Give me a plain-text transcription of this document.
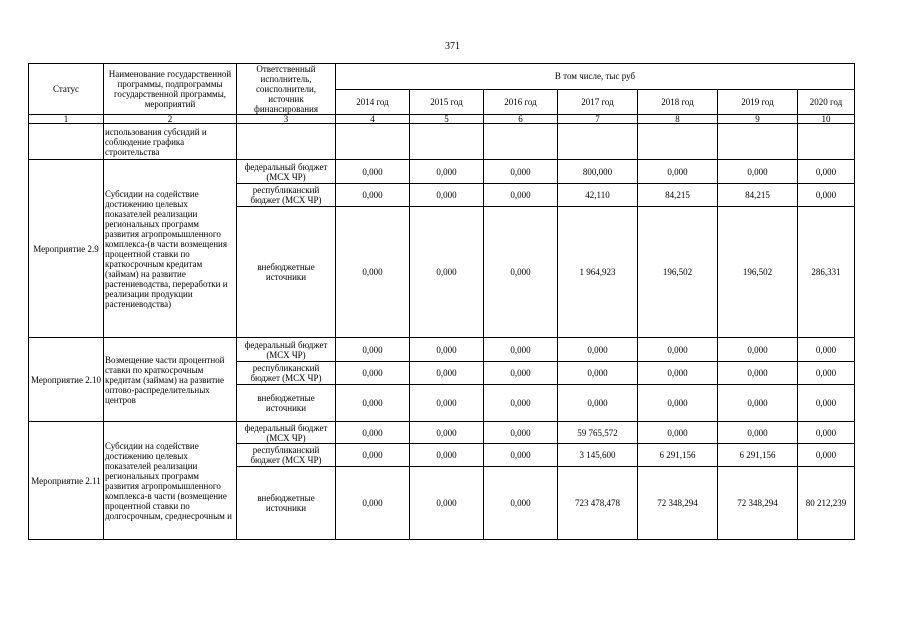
371
Статус	Наименование государственной программы, подпрограммы государственной программы, мероприятий	Ответственный исполнитель, соисполнители, источник финансирования	В том числе, тыс руб						
			2014 год	2015 год	2016 год	2017 год	2018 год	2019 год	2020 год
1	2	3	4	5	6	7	8	9	10
	использования субсидий и соблюдение графика строительства								
Мероприятие 2.9	Субсидии на содействие достижению целевых показателей реализации региональных программ развития агропромышленного комплекса-(в части возмещения процентной ставки по краткосрочным кредитам (займам) на развитие растениеводства, переработки и реализации продукции растениеводства)	федеральный бюджет (МСХ ЧР)	0,000	0,000	0,000	800,000	0,000	0,000	0,000
		республиканский бюджет (МСХ ЧР)	0,000	0,000	0,000	42,110	84,215	84,215	0,000
		внебюджетные источники	0,000	0,000	0,000	1 964,923	196,502	196,502	286,331
Мероприятие 2.10	Возмещение части процентной ставки по краткосрочным кредитам (займам) на развитие оптово-распределительных центров	федеральный бюджет (МСХ ЧР)	0,000	0,000	0,000	0,000	0,000	0,000	0,000
		республиканский бюджет (МСХ ЧР)	0,000	0,000	0,000	0,000	0,000	0,000	0,000
		внебюджетные источники	0,000	0,000	0,000	0,000	0,000	0,000	0,000
Мероприятие 2.11	Субсидии на содействие достижению целевых показателей реализации региональных программ развития агропромышленного комплекса-в части (возмещение процентной ставки по долгосрочным, среднесрочным и	федеральный бюджет (МСХ ЧР)	0,000	0,000	0,000	59 765,572	0,000	0,000	0,000
		республиканский бюджет (МСХ ЧР)	0,000	0,000	0,000	3 145,600	6 291,156	6 291,156	0,000
		внебюджетные источники	0,000	0,000	0,000	723 478,478	72 348,294	72 348,294	80 212,239
